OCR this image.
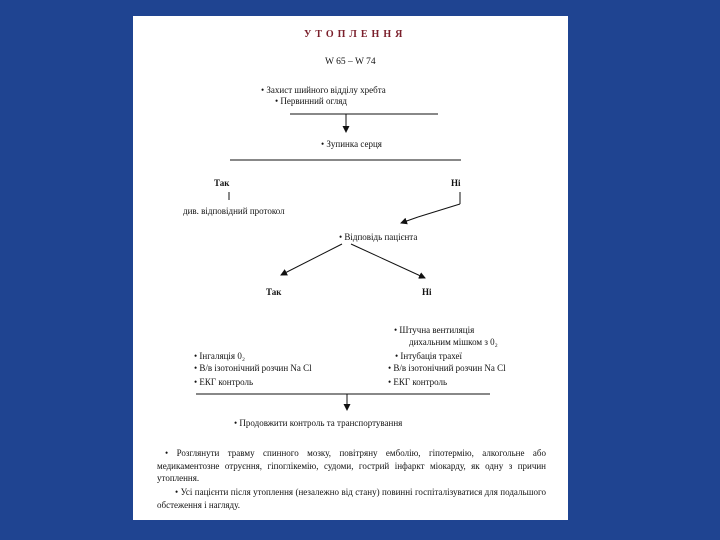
УТОПЛЕННЯ
W 65 – W 74
• Захист шийного відділу хребта
• Первинний огляд
• Зупинка серця
Так	Ні
див. відповідний протокол
• Відповідь пацієнта
Так	Ні
• Штучна вентиляція
дихальним мішком з 0₂
• Інтубація трахеї
• В/в ізотонічний розчин Na Cl
• ЕКГ контроль
• Інгаляція 0₂
• В/в ізотонічний розчин Na Cl
• ЕКГ контроль
• Продовжити контроль та транспортування
• Розглянути травму спинного мозку, повітряну емболію, гіпотермію, алкогольне або медикаментозне отруєння, гіпоглікемію, судоми, гострий інфаркт міокарду, як одну з причин утоплення.
• Усі пацієнти після утоплення (незалежно від стану) повинні госпіталізуватися для подальшого обстеження і нагляду.
